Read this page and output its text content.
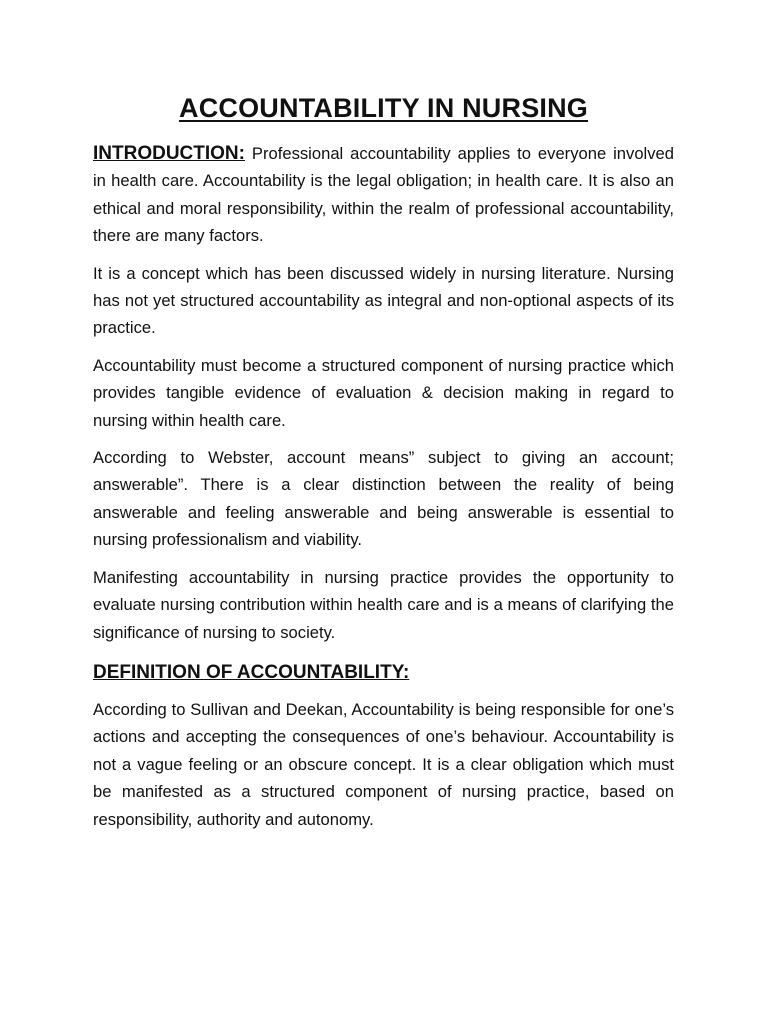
ACCOUNTABILITY IN NURSING

INTRODUCTION: Professional accountability applies to everyone involved in health care. Accountability is the legal obligation; in health care. It is also an ethical and moral responsibility, within the realm of professional accountability, there are many factors.

It is a concept which has been discussed widely in nursing literature. Nursing has not yet structured accountability as integral and non-optional aspects of its practice.

Accountability must become a structured component of nursing practice which provides tangible evidence of evaluation & decision making in regard to nursing within health care.

According to Webster, account means” subject to giving an account; answerable”. There is a clear distinction between the reality of being answerable and feeling answerable and being answerable is essential to nursing professionalism and viability.

Manifesting accountability in nursing practice provides the opportunity to evaluate nursing contribution within health care and is a means of clarifying the significance of nursing to society.

DEFINITION OF ACCOUNTABILITY:

According to Sullivan and Deekan, Accountability is being responsible for one’s actions and accepting the consequences of one’s behaviour. Accountability is not a vague feeling or an obscure concept. It is a clear obligation which must be manifested as a structured component of nursing practice, based on responsibility, authority and autonomy.
